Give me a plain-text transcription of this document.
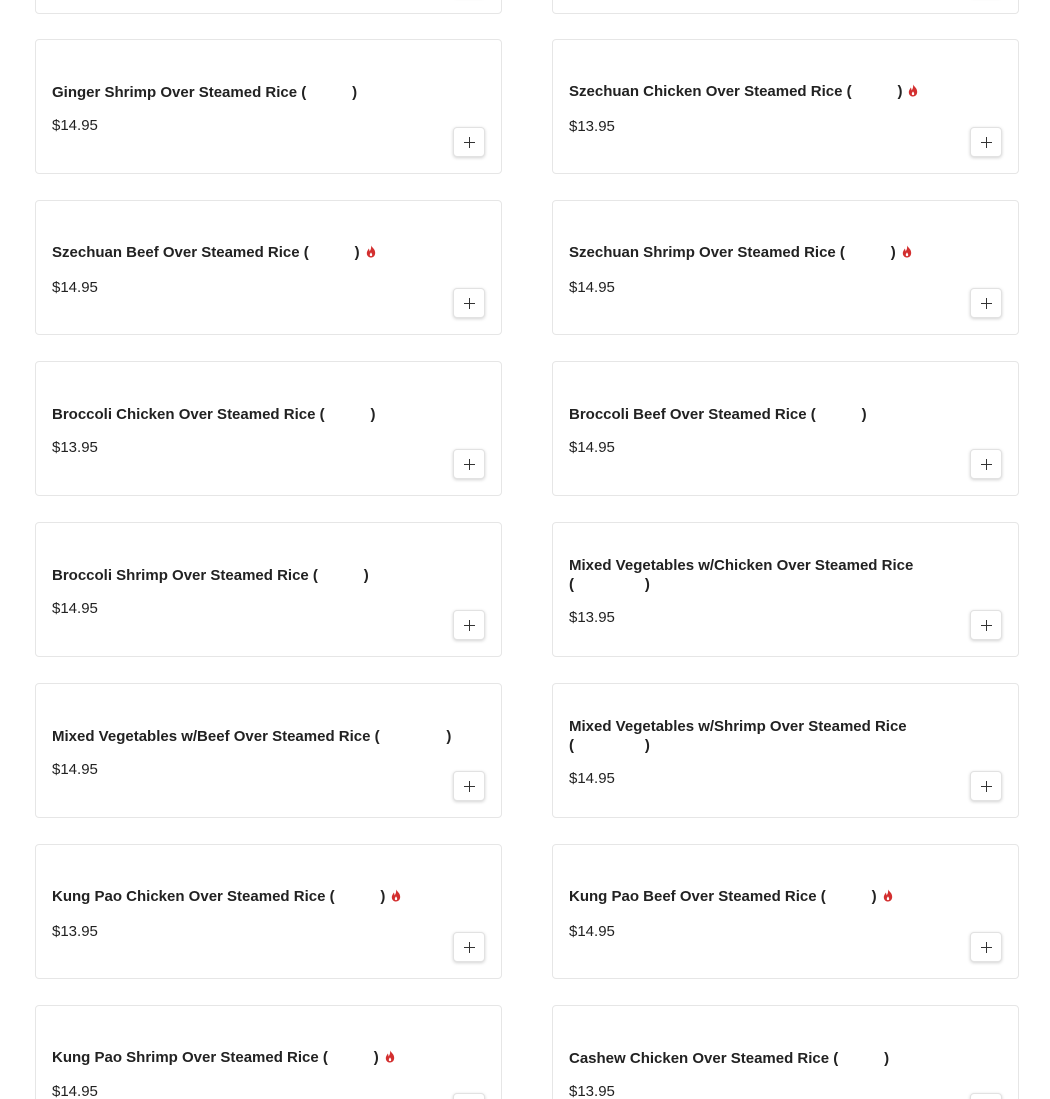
Ginger Shrimp Over Steamed Rice (           )
$14.95
Szechuan Chicken Over Steamed Rice (           )
$13.95
Szechuan Beef Over Steamed Rice (           )
$14.95
Szechuan Shrimp Over Steamed Rice (           )
$14.95
Broccoli Chicken Over Steamed Rice (           )
$13.95
Broccoli Beef Over Steamed Rice (           )
$14.95
Broccoli Shrimp Over Steamed Rice (           )
$14.95
Mixed Vegetables w/Chicken Over Steamed Rice (                 )
$13.95
Mixed Vegetables w/Beef Over Steamed Rice (                )
$14.95
Mixed Vegetables w/Shrimp Over Steamed Rice (                 )
$14.95
Kung Pao Chicken Over Steamed Rice (           )
$13.95
Kung Pao Beef Over Steamed Rice (           )
$14.95
Kung Pao Shrimp Over Steamed Rice (           )
$14.95
Cashew Chicken Over Steamed Rice (           )
$13.95
